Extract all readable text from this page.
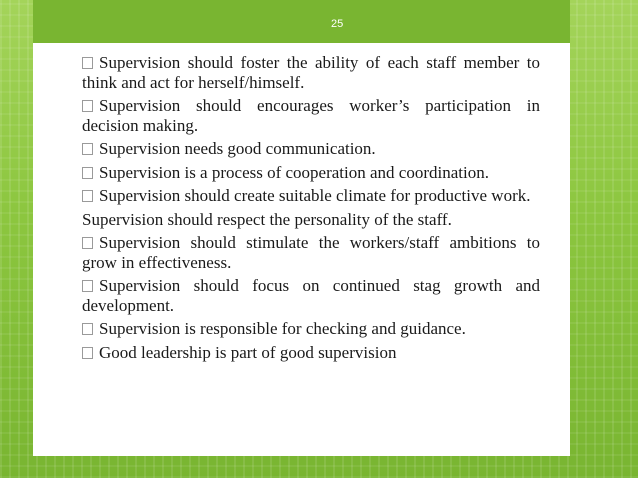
25

Supervision should foster the ability of each staff member to think and act for herself/himself.

Supervision should encourages worker’s participation in decision making.

Supervision needs good communication.

Supervision is a process of cooperation and coordination.

Supervision should create suitable climate for productive work.

Supervision should respect the personality of the staff.

Supervision should stimulate the workers/staff ambitions to grow in effectiveness.

Supervision should focus on continued stag growth and development.

Supervision is responsible for checking and guidance.

Good leadership is part of good supervision
